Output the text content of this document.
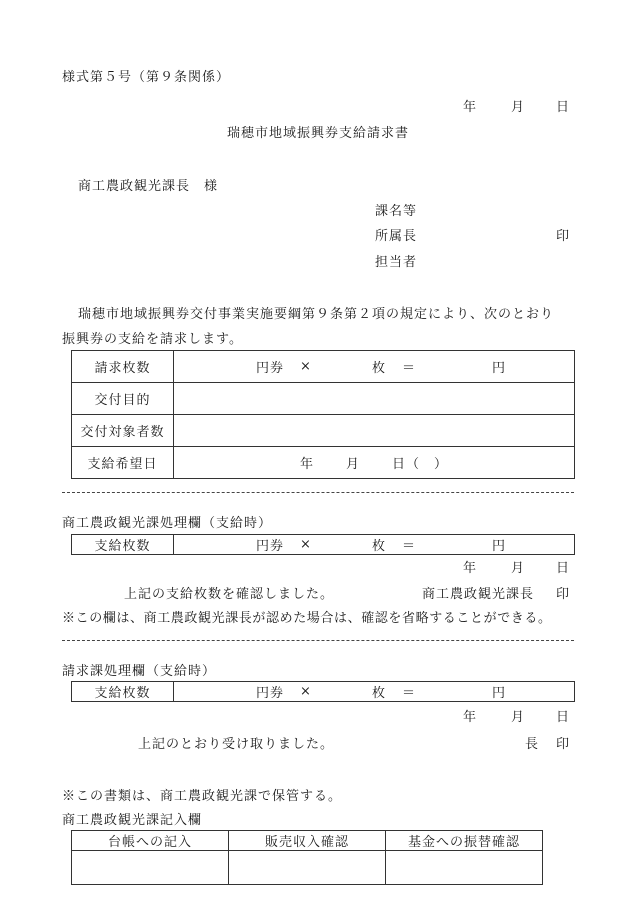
様式第５号（第９条関係）
年	月 日
瑞穂市地域振興券支給請求書
商工農政観光課長　様
課名等
所属長	印
担当者
瑞穂市地域振興券交付事業実施要綱第９条第２項の規定により、次のとおり
振興券の支給を請求します。
請求枚数	円券 × 枚 ＝ 円

交付目的	
交付対象者数	
支給希望日	年 月 日（　）
商工農政観光課処理欄（支給時）
支給枚数	円券 ×	枚 ＝	円
年	月 日
上記の支給枚数を確認しました。	商工農政観光課長 印
※この欄は、商工農政観光課長が認めた場合は、確認を省略することができる。
請求課処理欄（支給時）
支給枚数	円券 ×	枚 ＝	円
年	月 日
上記のとおり受け取りました。	長 印
※この書類は、商工農政観光課で保管する。
商工農政観光課記入欄
台帳への記入	販売収入確認	基金への振替確認
